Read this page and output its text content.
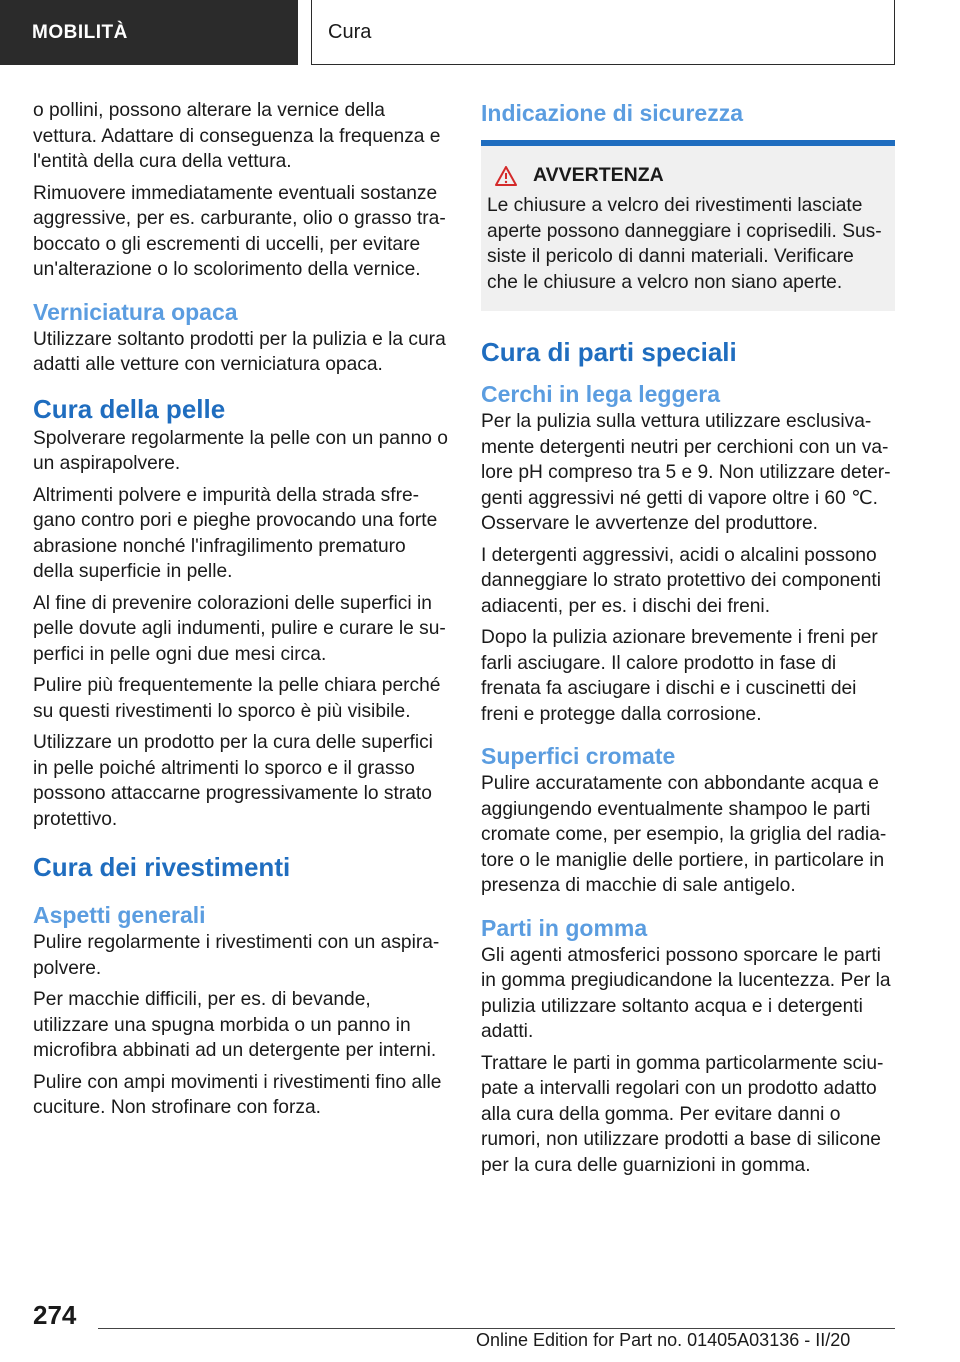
MOBILITÀ	Cura

o pollini, possono alterare la vernice della vettura. Adattare di conseguenza la frequenza e l'entità della cura della vettura.

Rimuovere immediatamente eventuali sostanze aggressive, per es. carburante, olio o grasso traboccato o gli escrementi di uccelli, per evitare un'alterazione o lo scolorimento della vernice.

Verniciatura opaca

Utilizzare soltanto prodotti per la pulizia e la cura adatti alle vetture con verniciatura opaca.

Cura della pelle

Spolverare regolarmente la pelle con un panno o un aspirapolvere.

Altrimenti polvere e impurità della strada sfregano contro pori e pieghe provocando una forte abrasione nonché l'infragilimento prematuro della superficie in pelle.

Al fine di prevenire colorazioni delle superfici in pelle dovute agli indumenti, pulire e curare le superfici in pelle ogni due mesi circa.

Pulire più frequentemente la pelle chiara perché su questi rivestimenti lo sporco è più visibile.

Utilizzare un prodotto per la cura delle superfici in pelle poiché altrimenti lo sporco e il grasso possono attaccarne progressivamente lo strato protettivo.

Cura dei rivestimenti
Aspetti generali

Pulire regolarmente i rivestimenti con un aspirapolvere.

Per macchie difficili, per es. di bevande, utilizzare una spugna morbida o un panno in microfibra abbinati ad un detergente per interni.

Pulire con ampi movimenti i rivestimenti fino alle cuciture. Non strofinare con forza.

Indicazione di sicurezza
AVVERTENZA

Le chiusure a velcro dei rivestimenti lasciate aperte possono danneggiare i coprisedili. Sussiste il pericolo di danni materiali. Verificare che le chiusure a velcro non siano aperte.

Cura di parti speciali
Cerchi in lega leggera

Per la pulizia sulla vettura utilizzare esclusivamente detergenti neutri per cerchioni con un valore pH compreso tra 5 e 9. Non utilizzare detergenti aggressivi né getti di vapore oltre i 60 ℃. Osservare le avvertenze del produttore.

I detergenti aggressivi, acidi o alcalini possono danneggiare lo strato protettivo dei componenti adiacenti, per es. i dischi dei freni.

Dopo la pulizia azionare brevemente i freni per farli asciugare. Il calore prodotto in fase di frenata fa asciugare i dischi e i cuscinetti dei freni e protegge dalla corrosione.

Superfici cromate

Pulire accuratamente con abbondante acqua e aggiungendo eventualmente shampoo le parti cromate come, per esempio, la griglia del radiatore o le maniglie delle portiere, in particolare in presenza di macchie di sale antigelo.

Parti in gomma

Gli agenti atmosferici possono sporcare le parti in gomma pregiudicandone la lucentezza. Per la pulizia utilizzare soltanto acqua e i detergenti adatti.

Trattare le parti in gomma particolarmente sciupate a intervalli regolari con un prodotto adatto alla cura della gomma. Per evitare danni o rumori, non utilizzare prodotti a base di silicone per la cura delle guarnizioni in gomma.

274
Online Edition for Part no. 01405A03136 - II/20
